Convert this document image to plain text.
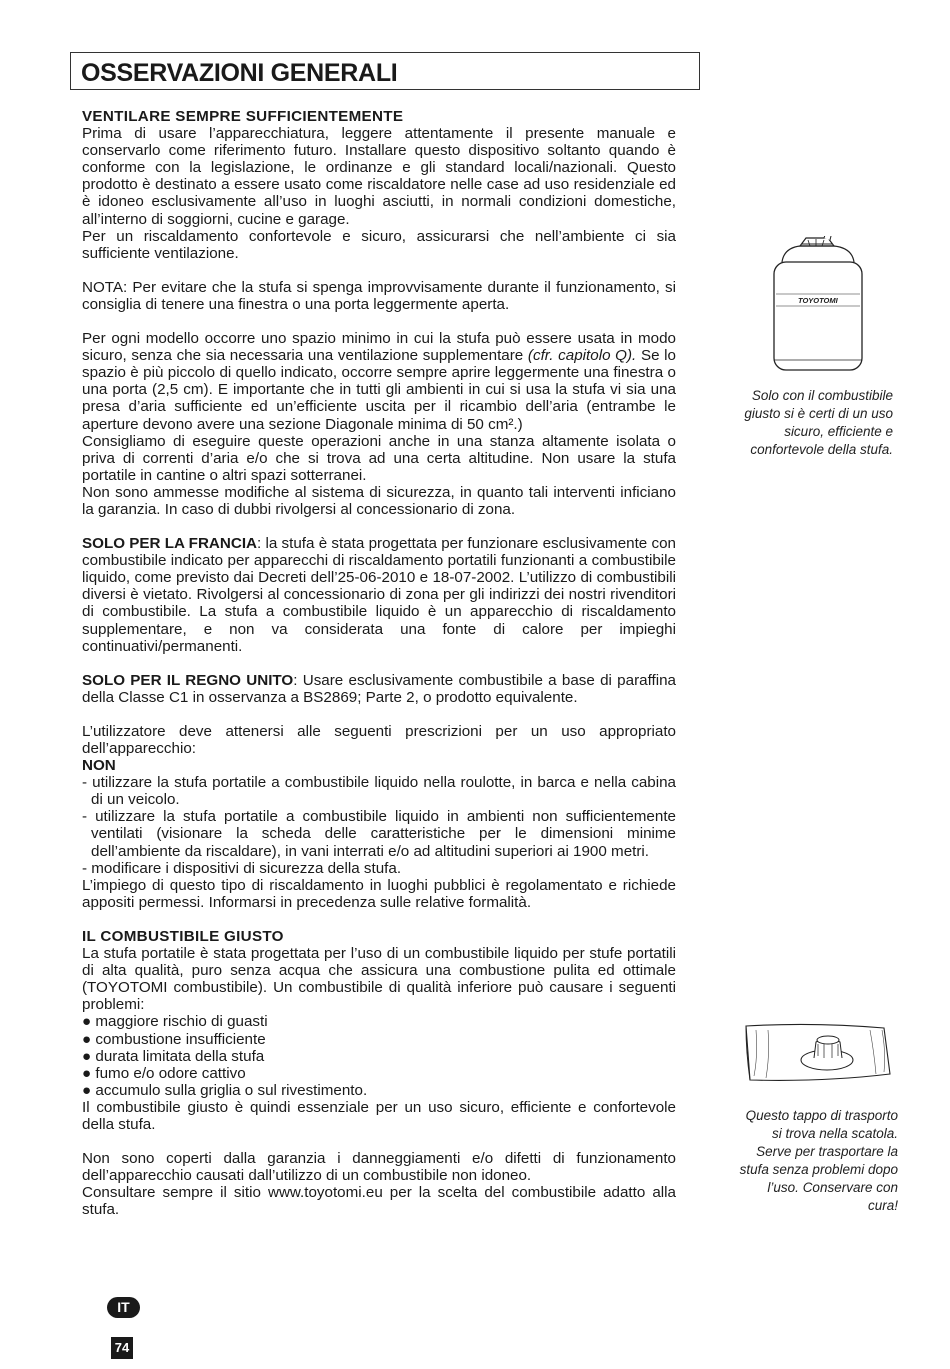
OSSERVAZIONI GENERALI

VENTILARE SEMPRE SUFFICIENTEMENTE

Prima di usare l’apparecchiatura, leggere attentamente il presente manuale e conservarlo come riferimento futuro. Installare questo dispositivo soltanto quando è conforme con la legislazione, le ordinanze e gli standard locali/nazionali. Questo prodotto è destinato a essere usato come riscaldatore nelle case ad uso residenziale ed è idoneo esclusivamente all’uso in luoghi asciutti, in normali condizioni domestiche, all’interno di soggiorni, cucine e garage.

Per un riscaldamento confortevole e sicuro, assicurarsi che nell’ambiente ci sia sufficiente ventilazione.

NOTA: Per evitare che la stufa si spenga improvvisamente durante il funzionamento, si consiglia di tenere una finestra o una porta leggermente aperta.

Per ogni modello occorre uno spazio minimo in cui la stufa può essere usata in modo sicuro, senza che sia necessaria una ventilazione supplementare (cfr. capitolo Q). Se lo spazio è più piccolo di quello indicato, occorre sempre aprire leggermente una finestra o una porta (2,5 cm). E importante che in tutti gli ambienti in cui si usa la stufa vi sia una presa d’aria sufficiente ed un’efficiente uscita per il ricambio dell’aria (entrambe le aperture devono avere una sezione Diagonale minima di 50 cm².)

Consigliamo di eseguire queste operazioni anche in una stanza altamente isolata o priva di correnti d’aria e/o che si trova ad una certa altitudine. Non usare la stufa portatile in cantine o altri spazi sotterranei.

Non sono ammesse modifiche al sistema di sicurezza, in quanto tali interventi inficiano la garanzia. In caso di dubbi rivolgersi al concessionario di zona.

SOLO PER LA FRANCIA: la stufa è stata progettata per funzionare esclusivamente con combustibile indicato per apparecchi di riscaldamento portatili funzionanti a combustibile liquido, come previsto dai Decreti dell’25-06-2010 e 18-07-2002. L’utilizzo di combustibili diversi è vietato. Rivolgersi al concessionario di zona per gli indirizzi dei nostri rivenditori di combustibile. La stufa a combustibile liquido è un apparecchio di riscaldamento supplementare, e non va considerata una fonte di calore per impieghi continuativi/permanenti.

SOLO PER IL REGNO UNITO: Usare esclusivamente combustibile a base di paraffina della Classe C1 in osservanza a BS2869; Parte 2, o prodotto equivalente.

L’utilizzatore deve attenersi alle seguenti prescrizioni per un uso appropriato dell’apparecchio:

NON

- utilizzare la stufa portatile a combustibile liquido nella roulotte, in barca e nella cabina di un veicolo.

- utilizzare la stufa portatile a combustibile liquido in ambienti non sufficientemente ventilati (visionare la scheda delle caratteristiche per le dimensioni minime dell’ambiente da riscaldare), in vani interrati e/o ad altitudini superiori ai 1900 metri.

- modificare i dispositivi di sicurezza della stufa.

L’impiego di questo tipo di riscaldamento in luoghi pubblici è regolamentato e richiede appositi permessi. Informarsi in precedenza sulle relative formalità.

IL COMBUSTIBILE GIUSTO

La stufa portatile è stata progettata per l’uso di un combustibile liquido per stufe portatili di alta qualità, puro senza acqua che assicura una combustione pulita ed ottimale (TOYOTOMI combustibile). Un combustibile di qualità inferiore può causare i seguenti problemi:

● maggiore rischio di guasti

● combustione insufficiente

● durata limitata della stufa

● fumo e/o odore cattivo

● accumulo sulla griglia o sul rivestimento.

Il combustibile giusto è quindi essenziale per un uso sicuro, efficiente e confortevole della stufa.

Non sono coperti dalla garanzia i danneggiamenti e/o difetti di funzionamento dell’apparecchio causati dall’utilizzo di un combustibile non idoneo.

Consultare sempre il sitio www.toyotomi.eu per la scelta del combustibile adatto alla stufa.

TOYOTOMI
Solo con il combustibile giusto si è certi di un uso sicuro, efficiente e confortevole della stufa.
Questo tappo di trasporto si trova nella scatola. Serve per trasportare la stufa senza problemi dopo l’uso. Conservare con cura!
IT
74
